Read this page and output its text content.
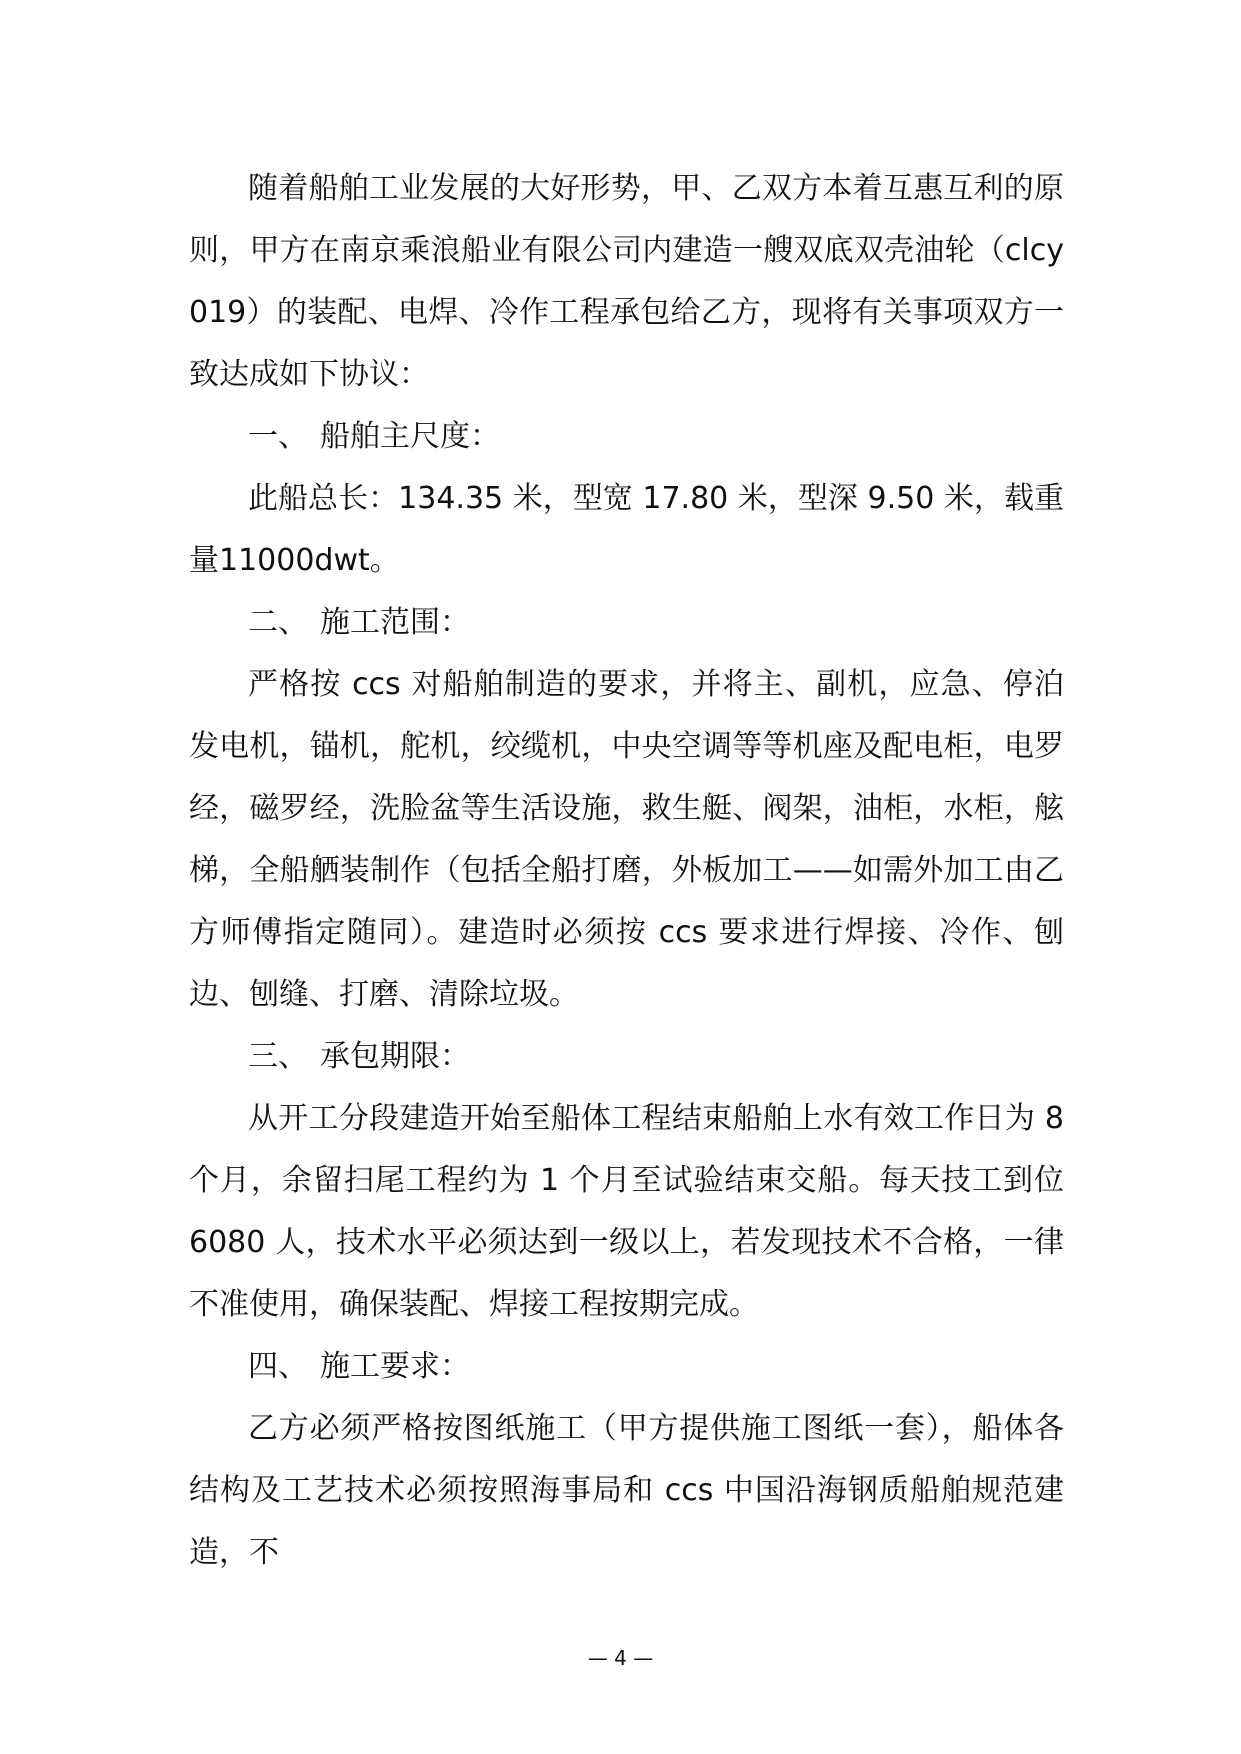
随着船舶工业发展的大好形势，甲、乙双方本着互惠互利的原则，甲方在南京乘浪船业有限公司内建造一艘双底双壳油轮（clcy019）的装配、电焊、冷作工程承包给乙方，现将有关事项双方一致达成如下协议：

一、 船舶主尺度：

此船总长：134.35 米，型宽 17.80 米，型深 9.50 米，载重量11000dwt。

二、 施工范围：

严格按 ccs 对船舶制造的要求，并将主、副机，应急、停泊发电机，锚机，舵机，绞缆机，中央空调等等机座及配电柜，电罗经，磁罗经，洗脸盆等生活设施，救生艇、阀架，油柜，水柜，舷梯，全船舾装制作（包括全船打磨，外板加工——如需外加工由乙方师傅指定随同）。建造时必须按 ccs 要求进行焊接、冷作、刨边、刨缝、打磨、清除垃圾。

三、 承包期限：

从开工分段建造开始至船体工程结束船舶上水有效工作日为 8 个月，余留扫尾工程约为 1 个月至试验结束交船。每天技工到位 6080 人，技术水平必须达到一级以上，若发现技术不合格，一律不准使用，确保装配、焊接工程按期完成。

四、 施工要求：

乙方必须严格按图纸施工（甲方提供施工图纸一套），船体各结构及工艺技术必须按照海事局和 ccs 中国沿海钢质船舶规范建造，不

— 4 —
